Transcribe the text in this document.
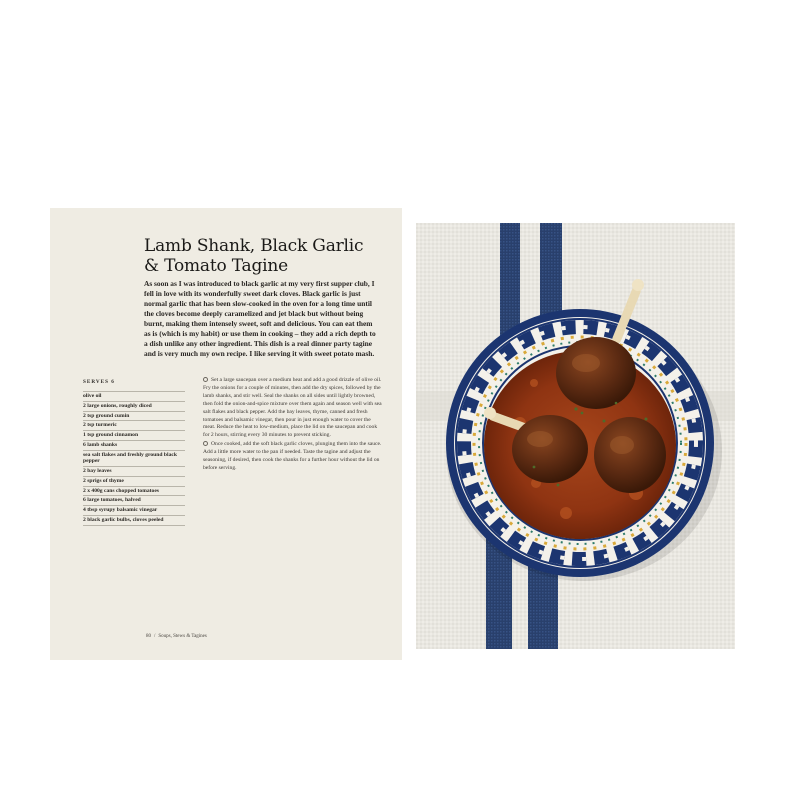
Lamb Shank, Black Garlic
& Tomato Tagine

As soon as I was introduced to black garlic at my very first supper club, I fell in love with its wonderfully sweet dark cloves. Black garlic is just normal garlic that has been slow-cooked in the oven for a long time until the cloves become deeply caramelized and jet black but without being burnt, making them intensely sweet, soft and delicious. You can eat them as is (which is my habit) or use them in cooking – they add a rich depth to a dish unlike any other ingredient. This dish is a real dinner party tagine and is very much my own recipe. I like serving it with sweet potato mash.

SERVES 6
olive oil
2 large onions, roughly diced
2 tsp ground cumin
2 tsp turmeric
1 tsp ground cinnamon
6 lamb shanks
sea salt flakes and freshly ground black pepper
2 bay leaves
2 sprigs of thyme
2 x 400g cans chopped tomatoes
6 large tomatoes, halved
4 tbsp syrupy balsamic vinegar
2 black garlic bulbs, cloves peeled

Set a large saucepan over a medium heat and add a good drizzle of olive oil. Fry the onions for a couple of minutes, then add the dry spices, followed by the lamb shanks, and stir well. Seal the shanks on all sides until lightly browned, then fold the onion-and-spice mixture over them again and season well with sea salt flakes and black pepper. Add the bay leaves, thyme, canned and fresh tomatoes and balsamic vinegar, then pour in just enough water to cover the meat. Reduce the heat to low-medium, place the lid on the saucepan and cook for 2 hours, stirring every 30 minutes to prevent sticking.

Once cooked, add the soft black garlic cloves, plunging them into the sauce. Add a little more water to the pan if needed. Taste the tagine and adjust the seasoning, if desired, then cook the shanks for a further hour without the lid on before serving.

80 / Soups, Stews & Tagines
